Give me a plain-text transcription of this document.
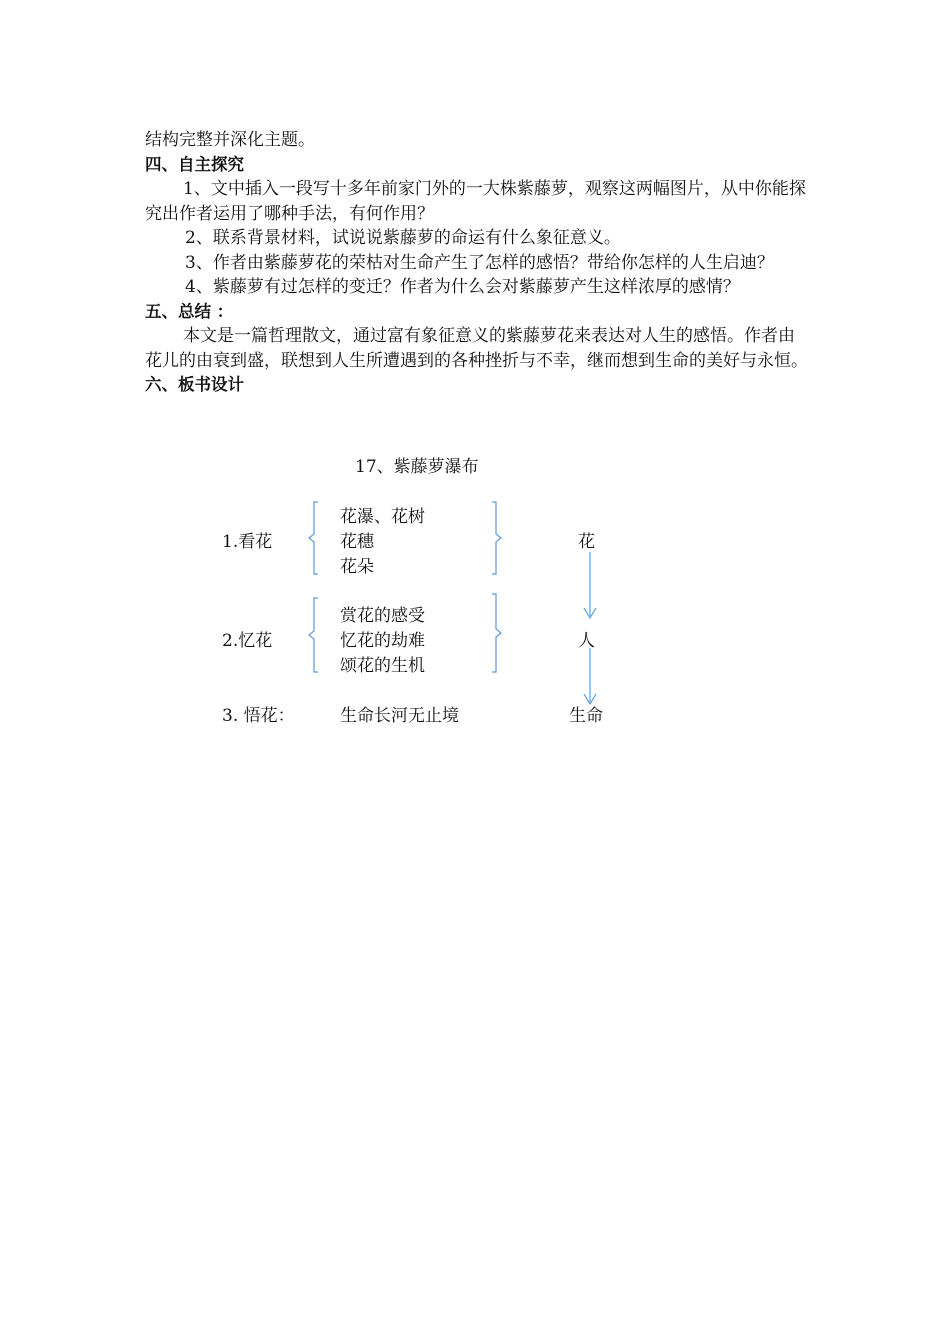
结构完整并深化主题。

四、自主探究

1、文中插入一段写十多年前家门外的一大株紫藤萝，观察这两幅图片，从中你能探究出作者运用了哪种手法，有何作用？

2、联系背景材料，试说说紫藤萝的命运有什么象征意义。

3、作者由紫藤萝花的荣枯对生命产生了怎样的感悟？带给你怎样的人生启迪？

4、紫藤萝有过怎样的变迁？作者为什么会对紫藤萝产生这样浓厚的感情？

五、总结 ：

本文是一篇哲理散文，通过富有象征意义的紫藤萝花来表达对人生的感悟。作者由花儿的由衰到盛，联想到人生所遭遇到的各种挫折与不幸，继而想到生命的美好与永恒。

六、板书设计

17、紫藤萝瀑布
1.看花
花瀑、花树
花穗
花朵
花
2.忆花
赏花的感受
忆花的劫难
颂花的生机
人
3. 悟花：	生命长河无止境	生命
